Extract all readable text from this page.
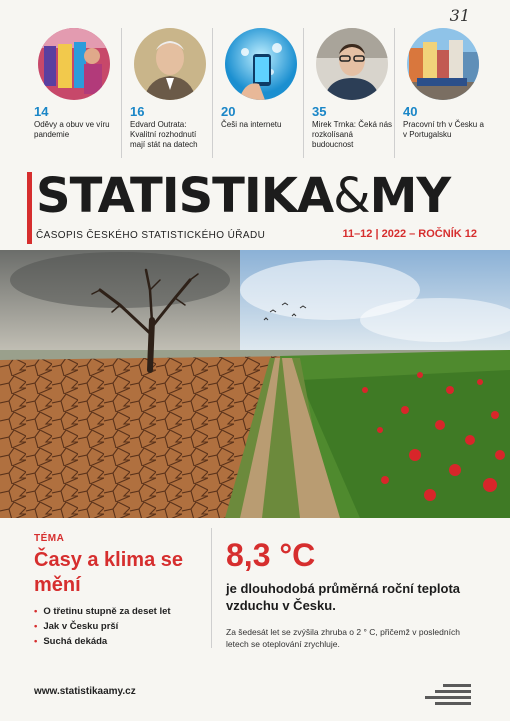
31
14
Oděvy a obuv ve víru pandemie
16
Edvard Outrata: Kvalitní rozhodnutí mají stát na datech
20
Češi na internetu
35
Mirek Trnka: Čeká nás rozkolísaná budoucnost
40
Pracovní trh v Česku a v Portugalsku
STATISTIKA&MY
ČASOPIS ČESKÉHO STATISTICKÉHO ÚŘADU	11–12 | 2022 – ROČNÍK 12
TÉMA
Časy a klima se mění
• O třetinu stupně za deset let
• Jak v Česku prší
• Suchá dekáda
8,3 °C
je dlouhodobá průměrná roční teplota vzduchu v Česku.
Za šedesát let se zvýšila zhruba o 2 ° C, přičemž v posledních letech se oteplování zrychluje.
www.statistikaamy.cz
